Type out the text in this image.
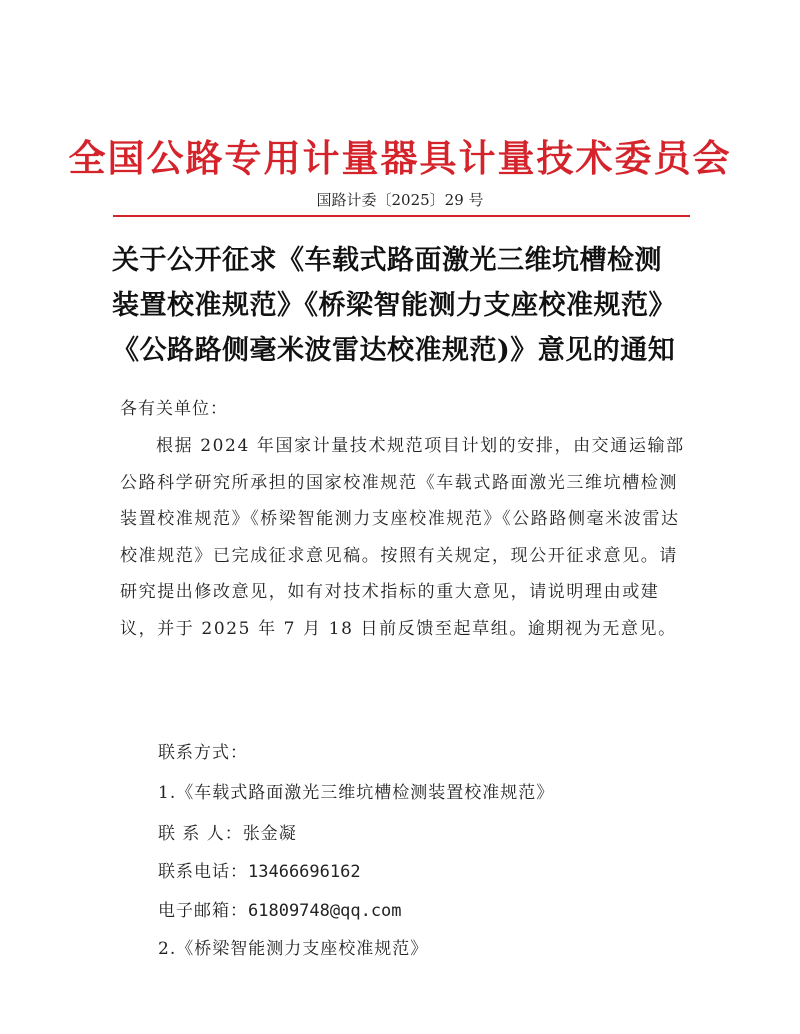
全国公路专用计量器具计量技术委员会
国路计委〔2025〕29 号
关于公开征求《车载式路面激光三维坑槽检测
装置校准规范》《桥梁智能测力支座校准规范》
《公路路侧毫米波雷达校准规范)》意见的通知
各有关单位：
根据 2024 年国家计量技术规范项目计划的安排，由交通运输部公路科学研究所承担的国家校准规范《车载式路面激光三维坑槽检测装置校准规范》《桥梁智能测力支座校准规范》《公路路侧毫米波雷达校准规范》已完成征求意见稿。按照有关规定，现公开征求意见。请研究提出修改意见，如有对技术指标的重大意见，请说明理由或建议，并于 2025 年 7 月 18 日前反馈至起草组。逾期视为无意见。
联系方式：
1.《车载式路面激光三维坑槽检测装置校准规范》
联 系 人：张金凝
联系电话：13466696162
电子邮箱：61809748@qq.com
2.《桥梁智能测力支座校准规范》
